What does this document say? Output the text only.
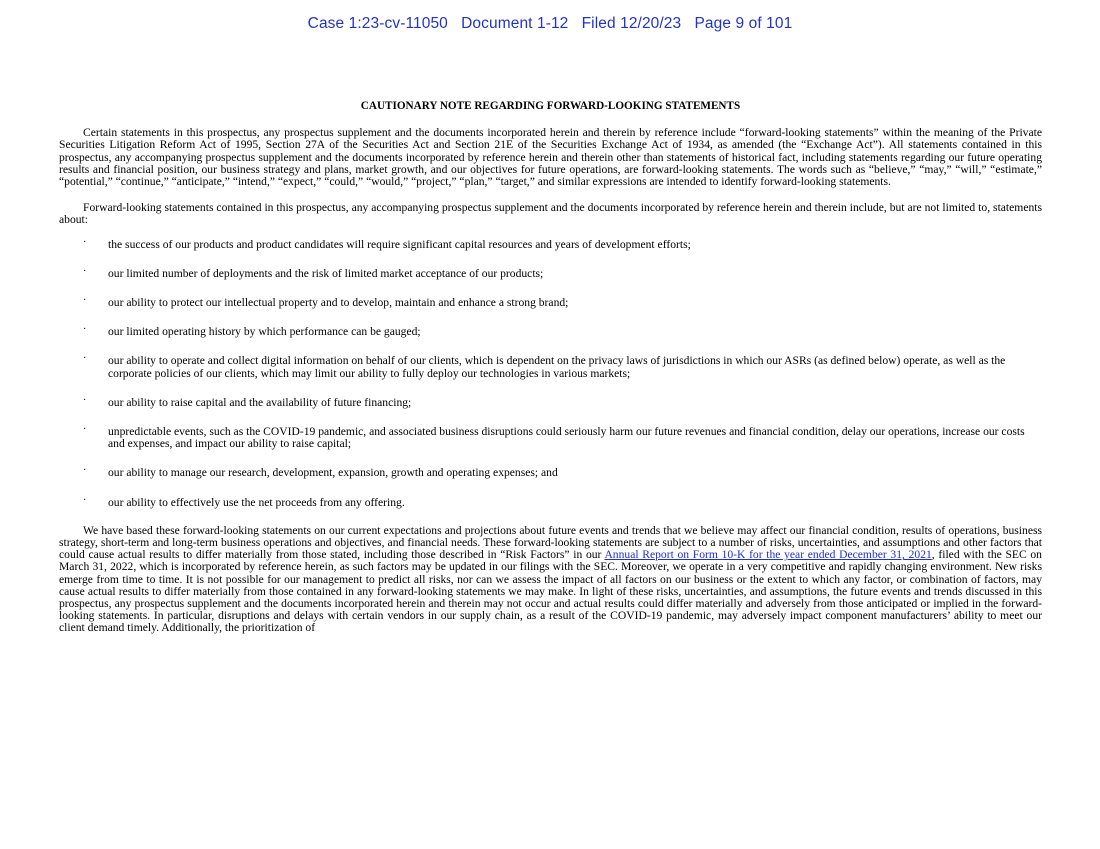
Case 1:23-cv-11050   Document 1-12   Filed 12/20/23   Page 9 of 101
CAUTIONARY NOTE REGARDING FORWARD-LOOKING STATEMENTS

Certain statements in this prospectus, any prospectus supplement and the documents incorporated herein and therein by reference include “forward-looking statements” within the meaning of the Private Securities Litigation Reform Act of 1995, Section 27A of the Securities Act and Section 21E of the Securities Exchange Act of 1934, as amended (the “Exchange Act”). All statements contained in this prospectus, any accompanying prospectus supplement and the documents incorporated by reference herein and therein other than statements of historical fact, including statements regarding our future operating results and financial position, our business strategy and plans, market growth, and our objectives for future operations, are forward-looking statements. The words such as “believe,” “may,” “will,” “estimate,” “potential,” “continue,” “anticipate,” “intend,” “expect,” “could,” “would,” “project,” “plan,” “target,” and similar expressions are intended to identify forward-looking statements.

Forward-looking statements contained in this prospectus, any accompanying prospectus supplement and the documents incorporated by reference herein and therein include, but are not limited to, statements about:

· the success of our products and product candidates will require significant capital resources and years of development efforts;
· our limited number of deployments and the risk of limited market acceptance of our products;
· our ability to protect our intellectual property and to develop, maintain and enhance a strong brand;
· our limited operating history by which performance can be gauged;
· our ability to operate and collect digital information on behalf of our clients, which is dependent on the privacy laws of jurisdictions in which our ASRs (as defined below) operate, as well as the corporate policies of our clients, which may limit our ability to fully deploy our technologies in various markets;
· our ability to raise capital and the availability of future financing;
· unpredictable events, such as the COVID-19 pandemic, and associated business disruptions could seriously harm our future revenues and financial condition, delay our operations, increase our costs and expenses, and impact our ability to raise capital;
· our ability to manage our research, development, expansion, growth and operating expenses; and
· our ability to effectively use the net proceeds from any offering.

We have based these forward-looking statements on our current expectations and projections about future events and trends that we believe may affect our financial condition, results of operations, business strategy, short-term and long-term business operations and objectives, and financial needs. These forward-looking statements are subject to a number of risks, uncertainties, and assumptions and other factors that could cause actual results to differ materially from those stated, including those described in “Risk Factors” in our Annual Report on Form 10-K for the year ended December 31, 2021, filed with the SEC on March 31, 2022, which is incorporated by reference herein, as such factors may be updated in our filings with the SEC. Moreover, we operate in a very competitive and rapidly changing environment. New risks emerge from time to time. It is not possible for our management to predict all risks, nor can we assess the impact of all factors on our business or the extent to which any factor, or combination of factors, may cause actual results to differ materially from those contained in any forward-looking statements we may make. In light of these risks, uncertainties, and assumptions, the future events and trends discussed in this prospectus, any prospectus supplement and the documents incorporated herein and therein may not occur and actual results could differ materially and adversely from those anticipated or implied in the forward-looking statements. In particular, disruptions and delays with certain vendors in our supply chain, as a result of the COVID-19 pandemic, may adversely impact component manufacturers’ ability to meet our client demand timely. Additionally, the prioritization of
